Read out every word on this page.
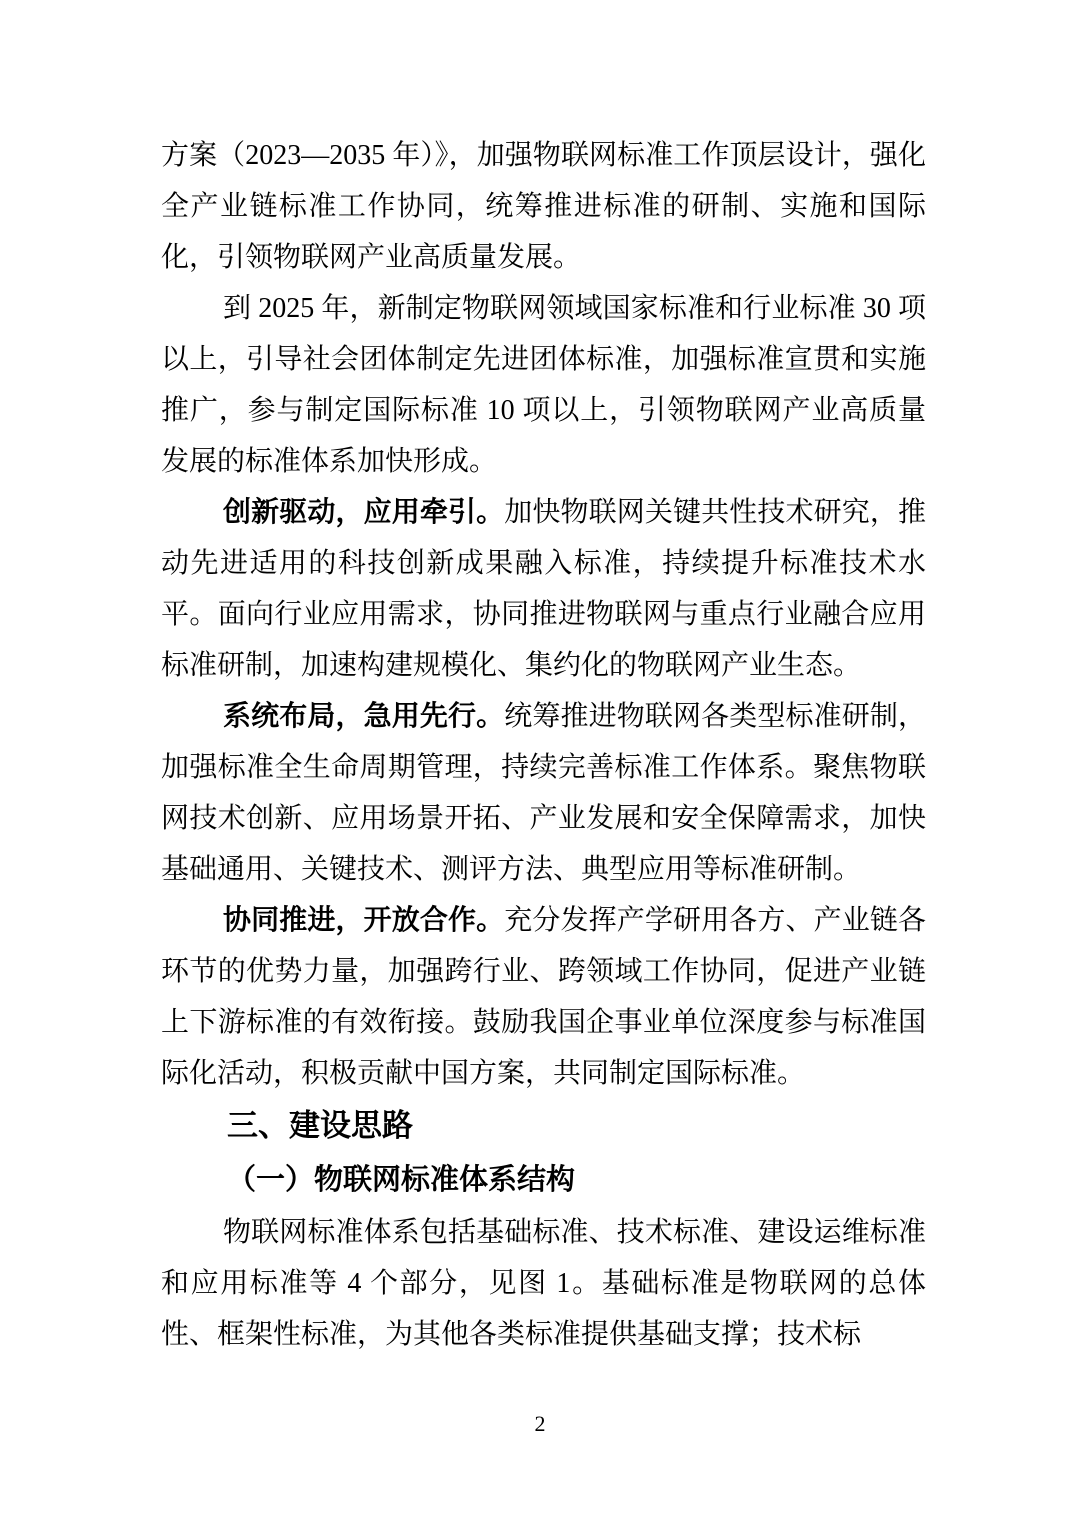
方案（2023—2035 年）》，加强物联网标准工作顶层设计，强化全产业链标准工作协同，统筹推进标准的研制、实施和国际化，引领物联网产业高质量发展。

到 2025 年，新制定物联网领域国家标准和行业标准 30 项以上，引导社会团体制定先进团体标准，加强标准宣贯和实施推广，参与制定国际标准 10 项以上，引领物联网产业高质量发展的标准体系加快形成。

创新驱动，应用牵引。加快物联网关键共性技术研究，推动先进适用的科技创新成果融入标准，持续提升标准技术水平。面向行业应用需求，协同推进物联网与重点行业融合应用标准研制，加速构建规模化、集约化的物联网产业生态。

系统布局，急用先行。统筹推进物联网各类型标准研制，加强标准全生命周期管理，持续完善标准工作体系。聚焦物联网技术创新、应用场景开拓、产业发展和安全保障需求，加快基础通用、关键技术、测评方法、典型应用等标准研制。

协同推进，开放合作。充分发挥产学研用各方、产业链各环节的优势力量，加强跨行业、跨领域工作协同，促进产业链上下游标准的有效衔接。鼓励我国企事业单位深度参与标准国际化活动，积极贡献中国方案，共同制定国际标准。

三、建设思路
（一）物联网标准体系结构

物联网标准体系包括基础标准、技术标准、建设运维标准和应用标准等 4 个部分，见图 1。基础标准是物联网的总体性、框架性标准，为其他各类标准提供基础支撑；技术标

2
